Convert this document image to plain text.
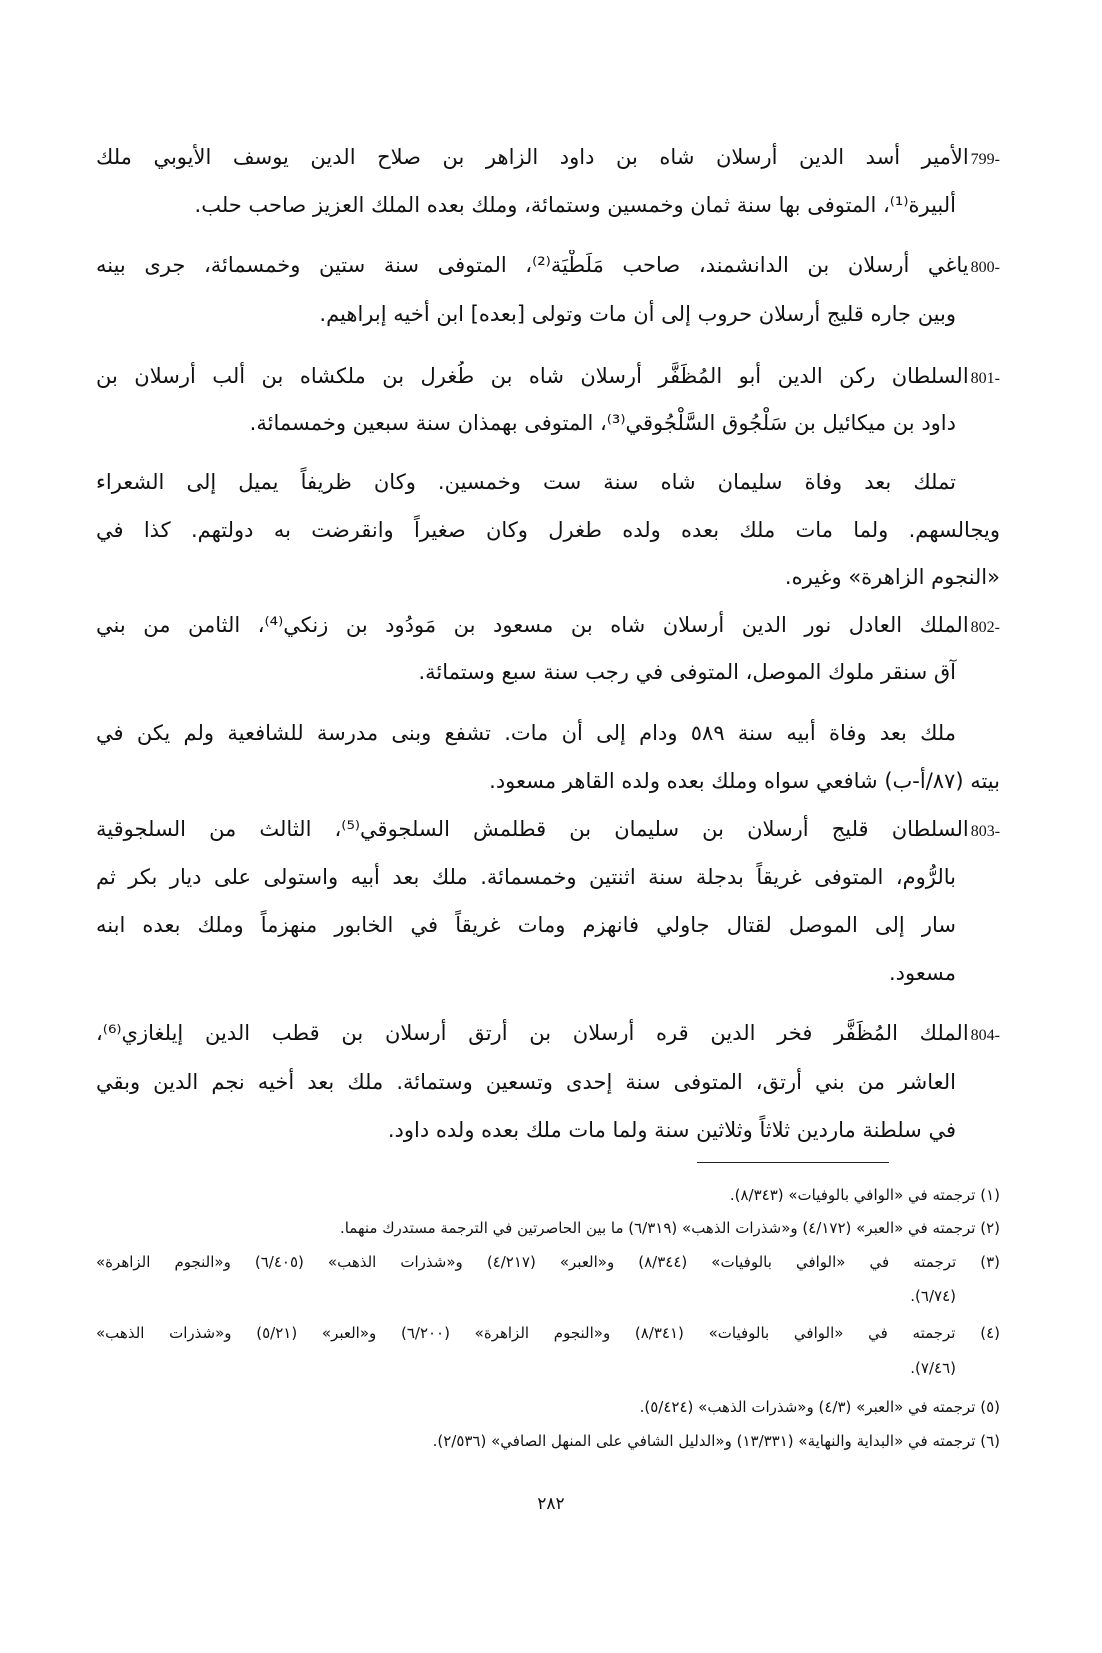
799-الأمير أسد الدين أرسلان شاه بن داود الزاهر بن صلاح الدين يوسف الأيوبي ملك
ألبيرة⁽¹⁾، المتوفى بها سنة ثمان وخمسين وستمائة، وملك بعده الملك العزيز صاحب حلب.
800-ياغي أرسلان بن الدانشمند، صاحب مَلَطْيَة⁽²⁾، المتوفى سنة ستين وخمسمائة، جرى بينه
وبين جاره قليج أرسلان حروب إلى أن مات وتولى [بعده] ابن أخيه إبراهيم.
801-السلطان ركن الدين أبو المُظَفَّر أرسلان شاه بن طُغرل بن ملكشاه بن ألب أرسلان بن
داود بن ميكائيل بن سَلْجُوق السَّلْجُوقي⁽³⁾، المتوفى بهمذان سنة سبعين وخمسمائة.
تملك بعد وفاة سليمان شاه سنة ست وخمسين. وكان ظريفاً يميل إلى الشعراء
ويجالسهم. ولما مات ملك بعده ولده طغرل وكان صغيراً وانقرضت به دولتهم. كذا في
«النجوم الزاهرة» وغيره.
802-الملك العادل نور الدين أرسلان شاه بن مسعود بن مَودُود بن زنكي⁽⁴⁾، الثامن من بني
آق سنقر ملوك الموصل، المتوفى في رجب سنة سبع وستمائة.
ملك بعد وفاة أبيه سنة ٥٨٩ ودام إلى أن مات. تشفع وبنى مدرسة للشافعية ولم يكن في
بيته (٨٧/أ-ب) شافعي سواه وملك بعده ولده القاهر مسعود.
803-السلطان قليج أرسلان بن سليمان بن قطلمش السلجوقي⁽⁵⁾، الثالث من السلجوقية
بالرُّوم، المتوفى غريقاً بدجلة سنة اثنتين وخمسمائة. ملك بعد أبيه واستولى على ديار بكر ثم
سار إلى الموصل لقتال جاولي فانهزم ومات غريقاً في الخابور منهزماً وملك بعده ابنه
مسعود.
804-الملك المُظَفَّر فخر الدين قره أرسلان بن أرتق أرسلان بن قطب الدين إيلغازي⁽⁶⁾،
العاشر من بني أرتق، المتوفى سنة إحدى وتسعين وستمائة. ملك بعد أخيه نجم الدين وبقي
في سلطنة ماردين ثلاثاً وثلاثين سنة ولما مات ملك بعده ولده داود.
(١) ترجمته في «الوافي بالوفيات» (٨/٣٤٣).
(٢) ترجمته في «العبر» (٤/١٧٢) و«شذرات الذهب» (٦/٣١٩) ما بين الحاصرتين في الترجمة مستدرك منهما.
(٣) ترجمته في «الوافي بالوفيات» (٨/٣٤٤) و«العبر» (٤/٢١٧) و«شذرات الذهب» (٦/٤٠٥) و«النجوم الزاهرة»
(٦/٧٤).
(٤) ترجمته في «الوافي بالوفيات» (٨/٣٤١) و«النجوم الزاهرة» (٦/٢٠٠) و«العبر» (٥/٢١) و«شذرات الذهب»
(٧/٤٦).
(٥) ترجمته في «العبر» (٤/٣) و«شذرات الذهب» (٥/٤٢٤).
(٦) ترجمته في «البداية والنهاية» (١٣/٣٣١) و«الدليل الشافي على المنهل الصافي» (٢/٥٣٦).
٢٨٢
